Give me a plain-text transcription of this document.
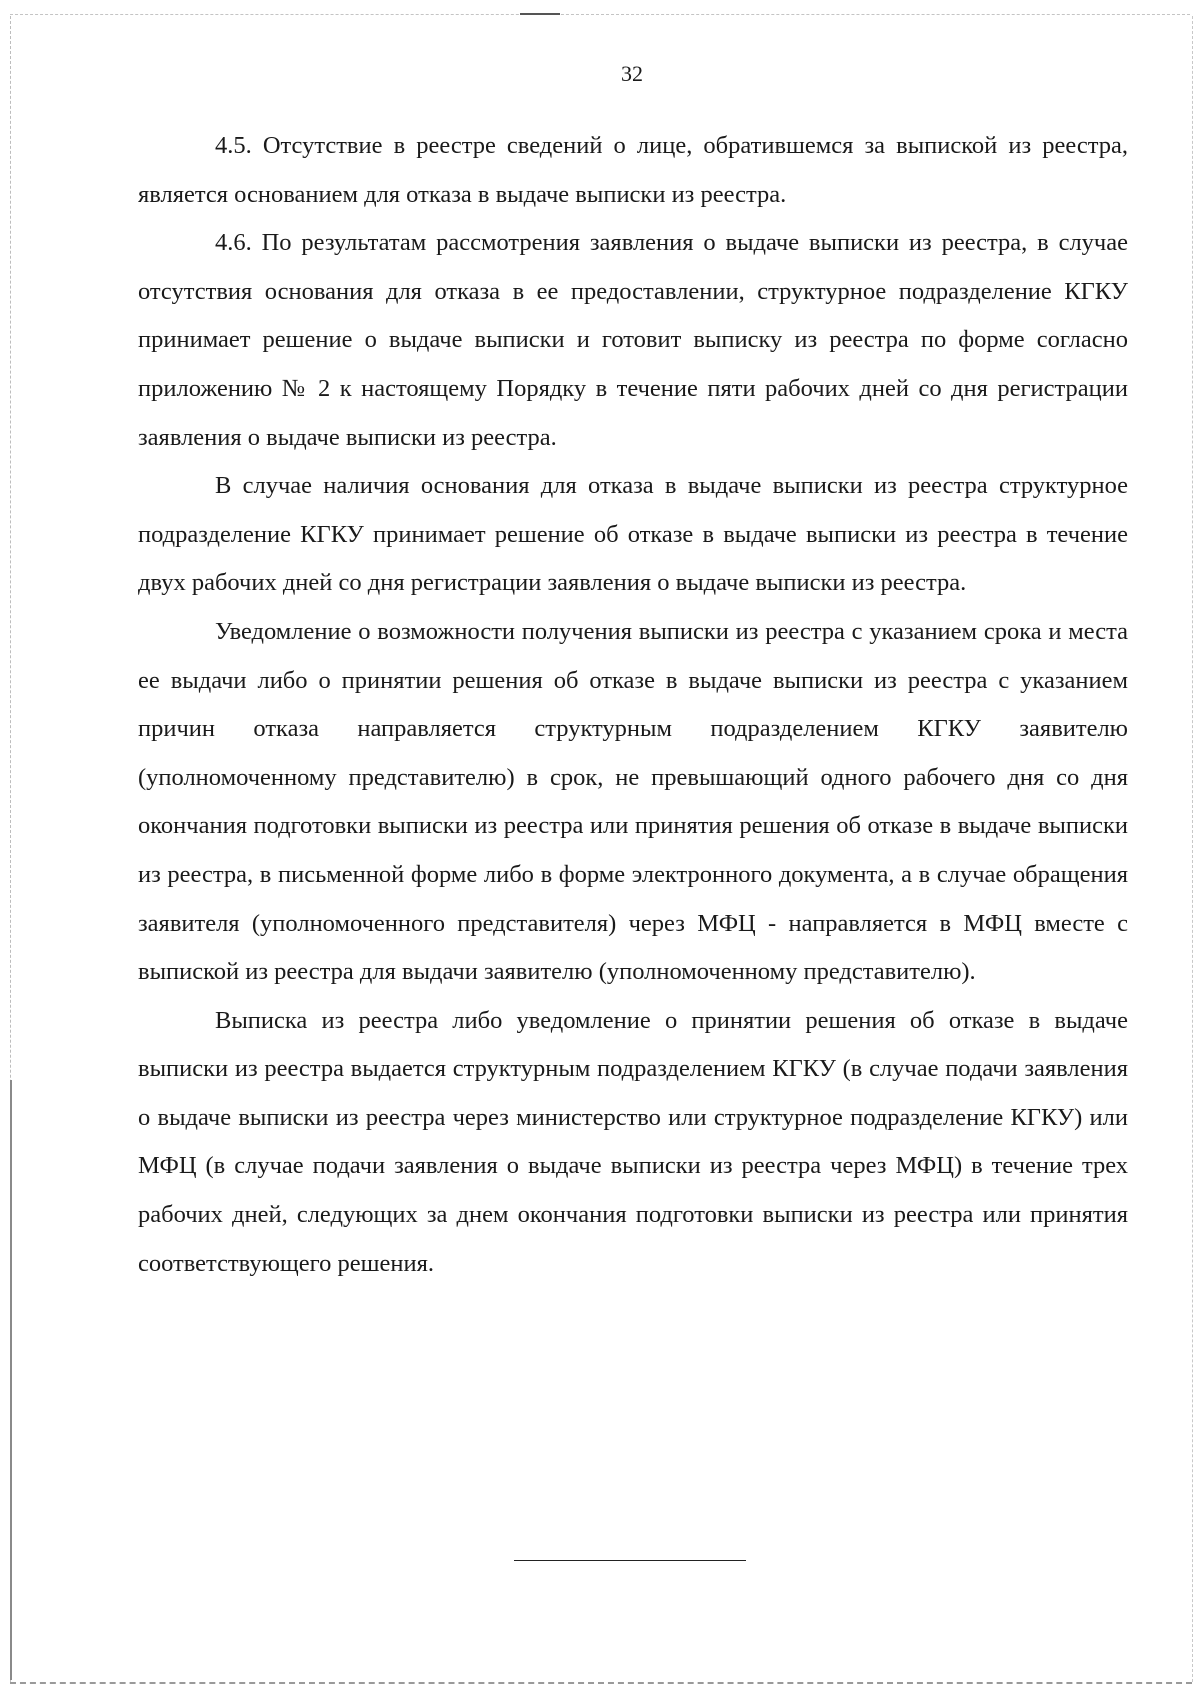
32

4.5. Отсутствие в реестре сведений о лице, обратившемся за выпиской из реестра, является основанием для отказа в выдаче выписки из реестра.

4.6. По результатам рассмотрения заявления о выдаче выписки из реестра, в случае отсутствия основания для отказа в ее предоставлении, структурное подразделение КГКУ принимает решение о выдаче выписки и готовит выписку из реестра по форме согласно приложению № 2 к настоящему Порядку в течение пяти рабочих дней со дня регистрации заявления о выдаче выписки из реестра.

В случае наличия основания для отказа в выдаче выписки из реестра структурное подразделение КГКУ принимает решение об отказе в выдаче выписки из реестра в течение двух рабочих дней со дня регистрации заявления о выдаче выписки из реестра.

Уведомление о возможности получения выписки из реестра с указанием срока и места ее выдачи либо о принятии решения об отказе в выдаче выписки из реестра с указанием причин отказа направляется структурным подразделением КГКУ заявителю (уполномоченному представителю) в срок, не превышающий одного рабочего дня со дня окончания подготовки выписки из реестра или принятия решения об отказе в выдаче выписки из реестра, в письменной форме либо в форме электронного документа, а в случае обращения заявителя (уполномоченного представителя) через МФЦ - направляется в МФЦ вместе с выпиской из реестра для выдачи заявителю (уполномоченному представителю).

Выписка из реестра либо уведомление о принятии решения об отказе в выдаче выписки из реестра выдается структурным подразделением КГКУ (в случае подачи заявления о выдаче выписки из реестра через министерство или структурное подразделение КГКУ) или МФЦ (в случае подачи заявления о выдаче выписки из реестра через МФЦ) в течение трех рабочих дней, следующих за днем окончания подготовки выписки из реестра или принятия соответствующего решения.
